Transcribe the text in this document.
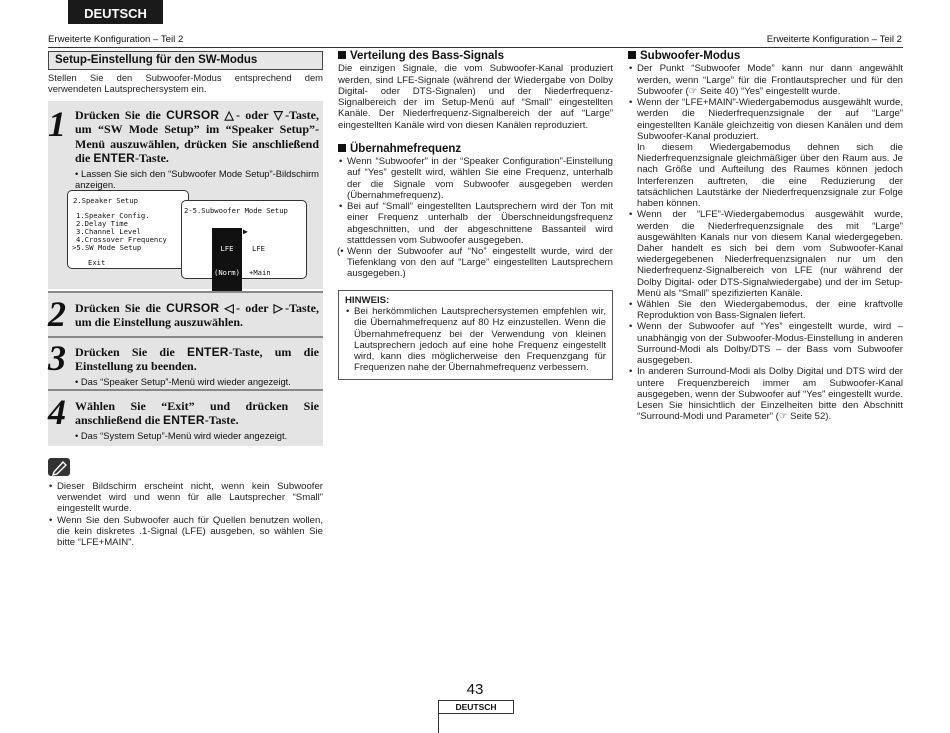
DEUTSCH
Erweiterte Konfiguration – Teil 2	Erweiterte Konfiguration – Teil 2
Setup-Einstellung für den SW-Modus
Stellen Sie den Subwoofer-Modus entsprechend dem verwendeten Lautsprechersystem ein.
1 Drücken Sie die CURSOR △- oder ▽-Taste, um “SW Mode Setup” im “Speaker Setup”-Menü auszuwählen, drücken Sie anschließend die ENTER-Taste.
• Lassen Sie sich den “Subwoofer Mode Setup”-Bildschirm anzeigen.

2.Speaker Setup

1.Speaker Config.

2.Delay Time

3.Channel Level

4.Crossover Frequency

>5.SW Mode Setup

Exit

2-5.Subwoofer Mode Setup

LFE

(Norm)

▶

LFE

+Main

2 Drücken Sie die CURSOR ◁- oder ▷-Taste, um die Einstellung auszuwählen.
3 Drücken Sie die ENTER-Taste, um die Einstellung zu beenden.
• Das “Speaker Setup”-Menü wird wieder angezeigt.
4 Wählen Sie “Exit” und drücken Sie anschließend die ENTER-Taste.
• Das “System Setup”-Menü wird wieder angezeigt.
• Dieser Bildschirm erscheint nicht, wenn kein Subwoofer verwendet wird und wenn für alle Lautsprecher “Small” eingestellt wurde.
• Wenn Sie den Subwoofer auch für Quellen benutzen wollen, die kein diskretes .1-Signal (LFE) ausgeben, so wählen Sie bitte “LFE+MAIN”.
Verteilung des Bass-Signals
Die einzigen Signale, die vom Subwoofer-Kanal produziert werden, sind LFE-Signale (während der Wiedergabe von Dolby Digital- oder DTS-Signalen) und der Niederfrequenz-Signalbereich der im Setup-Menü auf “Small” eingestellten Kanäle. Der Niederfrequenz-Signalbereich der auf “Large” eingestellten Kanäle wird von diesen Kanälen reproduziert.
Übernahmefrequenz
• Wenn “Subwoofer” in der “Speaker Configuration”-Einstellung auf “Yes” gestellt wird, wählen Sie eine Frequenz, unterhalb der die Signale vom Subwoofer ausgegeben werden (Übernahmefrequenz).
• Bei auf “Small” eingestellten Lautsprechern wird der Ton mit einer Frequenz unterhalb der Überschneidungsfrequenz abgeschnitten, und der abgeschnittene Bassanteil wird stattdessen vom Subwoofer ausgegeben.
(• Wenn der Subwoofer auf “No” eingestellt wurde, wird der Tiefenklang von den auf “Large” eingestellten Lautsprechern ausgegeben.)
HINWEIS:
• Bei herkömmlichen Lautsprechersystemen empfehlen wir, die Übernahmefrequenz auf 80 Hz einzustellen. Wenn die Übernahmefrequenz bei der Verwendung von kleinen Lautsprechern jedoch auf eine hohe Frequenz eingestellt wird, kann dies möglicherweise den Frequenzgang für Frequenzen nahe der Übernahmefrequenz verbessern.
Subwoofer-Modus
• Der Punkt “Subwoofer Mode” kann nur dann angewählt werden, wenn “Large” für die Frontlautsprecher und für den Subwoofer (☞ Seite 40) “Yes” eingestellt wurde.
• Wenn der “LFE+MAIN”-Wiedergabemodus ausgewählt wurde, werden die Niederfrequenzsignale der auf “Large” eingestellten Kanäle gleichzeitig von diesen Kanälen und dem Subwoofer-Kanal produziert.
In diesem Wiedergabemodus dehnen sich die Niederfrequenzsignale gleichmäßiger über den Raum aus. Je nach Größe und Aufteilung des Raumes können jedoch Interferenzen auftreten, die eine Reduzierung der tatsächlichen Lautstärke der Niederfrequenzsignale zur Folge haben können.
• Wenn der “LFE”-Wiedergabemodus ausgewählt wurde, werden die Niederfrequenzsignale des mit “Large” ausgewählten Kanals nur von diesem Kanal wiedergegeben. Daher handelt es sich bei dem vom Subwoofer-Kanal wiedergegebenen Niederfrequenzsignalen nur um den Niederfrequenz-Signalbereich von LFE (nur während der Dolby Digital- oder DTS-Signalwiedergabe) und der im Setup-Menü als “Small” spezifizierten Kanäle.
• Wählen Sie den Wiedergabemodus, der eine kraftvolle Reproduktion von Bass-Signalen liefert.
• Wenn der Subwoofer auf “Yes” eingestellt wurde, wird – unabhängig von der Subwoofer-Modus-Einstellung in anderen Surround-Modi als Dolby/DTS – der Bass vom Subwoofer ausgegeben.
• In anderen Surround-Modi als Dolby Digital und DTS wird der untere Frequenzbereich immer am Subwoofer-Kanal ausgegeben, wenn der Subwoofer auf “Yes” eingestellt wurde. Lesen Sie hinsichtlich der Einzelheiten bitte den Abschnitt “Surround-Modi und Parameter” (☞ Seite 52).
43
DEUTSCH
